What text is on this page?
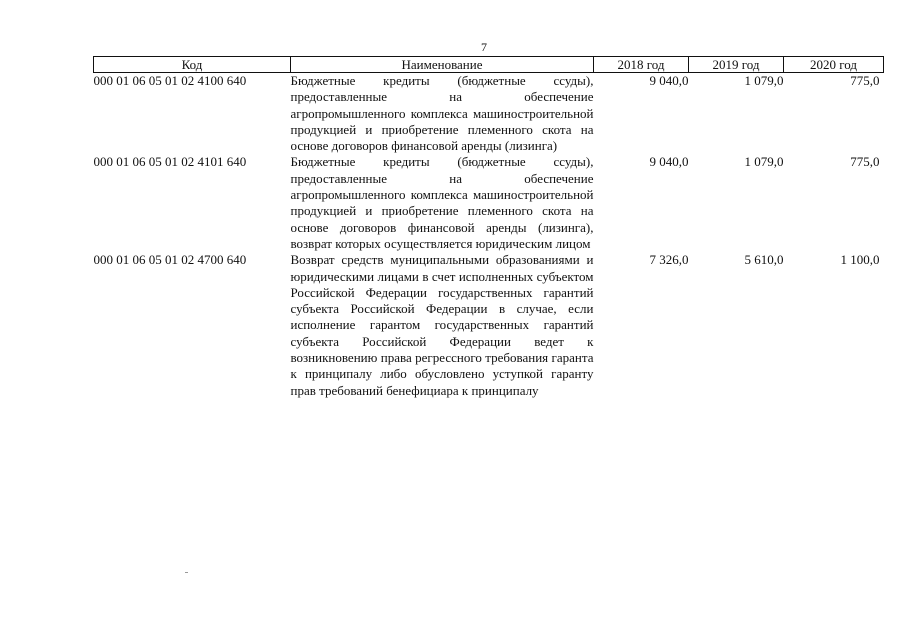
7
Код	Наименование	2018 год	2019 год	2020 год
000 01 06 05 01 02 4100 640	Бюджетные кредиты (бюджетные ссуды), предоставленные на обеспечение агропромышленного комплекса машиностроительной продукцией и приобретение племенного скота на основе договоров финансовой аренды (лизинга)	9 040,0	1 079,0	775,0
000 01 06 05 01 02 4101 640	Бюджетные кредиты (бюджетные ссуды), предоставленные на обеспечение агропромышленного комплекса машиностроительной продукцией и приобретение племенного скота на основе договоров финансовой аренды (лизинга), возврат которых осуществляется юридическим лицом	9 040,0	1 079,0	775,0
000 01 06 05 01 02 4700 640	Возврат средств муниципальными образованиями и юридическими лицами в счет исполненных субъектом Российской Федерации государственных гарантий субъекта Российской Федерации в случае, если исполнение гарантом государственных гарантий субъекта Российской Федерации ведет к возникновению права регрессного требования гаранта к принципалу либо обусловлено уступкой гаранту прав требований бенефициара к принципалу	7 326,0	5 610,0	1 100,0
